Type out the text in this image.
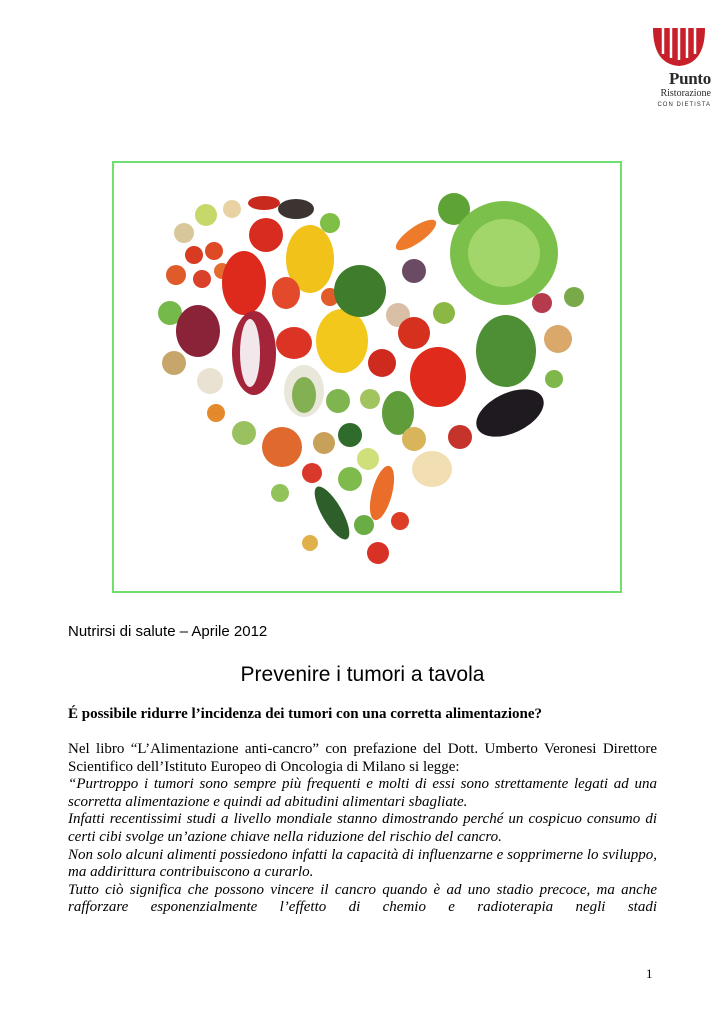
Punto
Ristorazione
CON DIETISTA
Nutrirsi di salute – Aprile 2012
Prevenire i tumori a tavola
É possibile ridurre l’incidenza dei tumori con una corretta alimentazione?

Nel libro “L’Alimentazione anti-cancro” con prefazione del Dott. Umberto Veronesi Direttore Scientifico dell’Istituto Europeo di Oncologia di Milano si legge:

“Purtroppo i tumori sono sempre più frequenti e molti di essi sono strettamente legati ad una scorretta alimentazione e quindi ad abitudini alimentari sbagliate.

Infatti recentissimi studi a livello mondiale stanno dimostrando perché un cospicuo consumo di certi cibi svolge un’azione chiave nella riduzione del rischio del cancro.

Non solo alcuni alimenti possiedono infatti la capacità di influenzarne e sopprimerne lo sviluppo, ma addirittura contribuiscono a curarlo.

Tutto ciò significa che possono vincere il cancro quando è ad uno stadio precoce, ma anche rafforzare esponenzialmente l’effetto di chemio e radioterapia negli stadi

1
